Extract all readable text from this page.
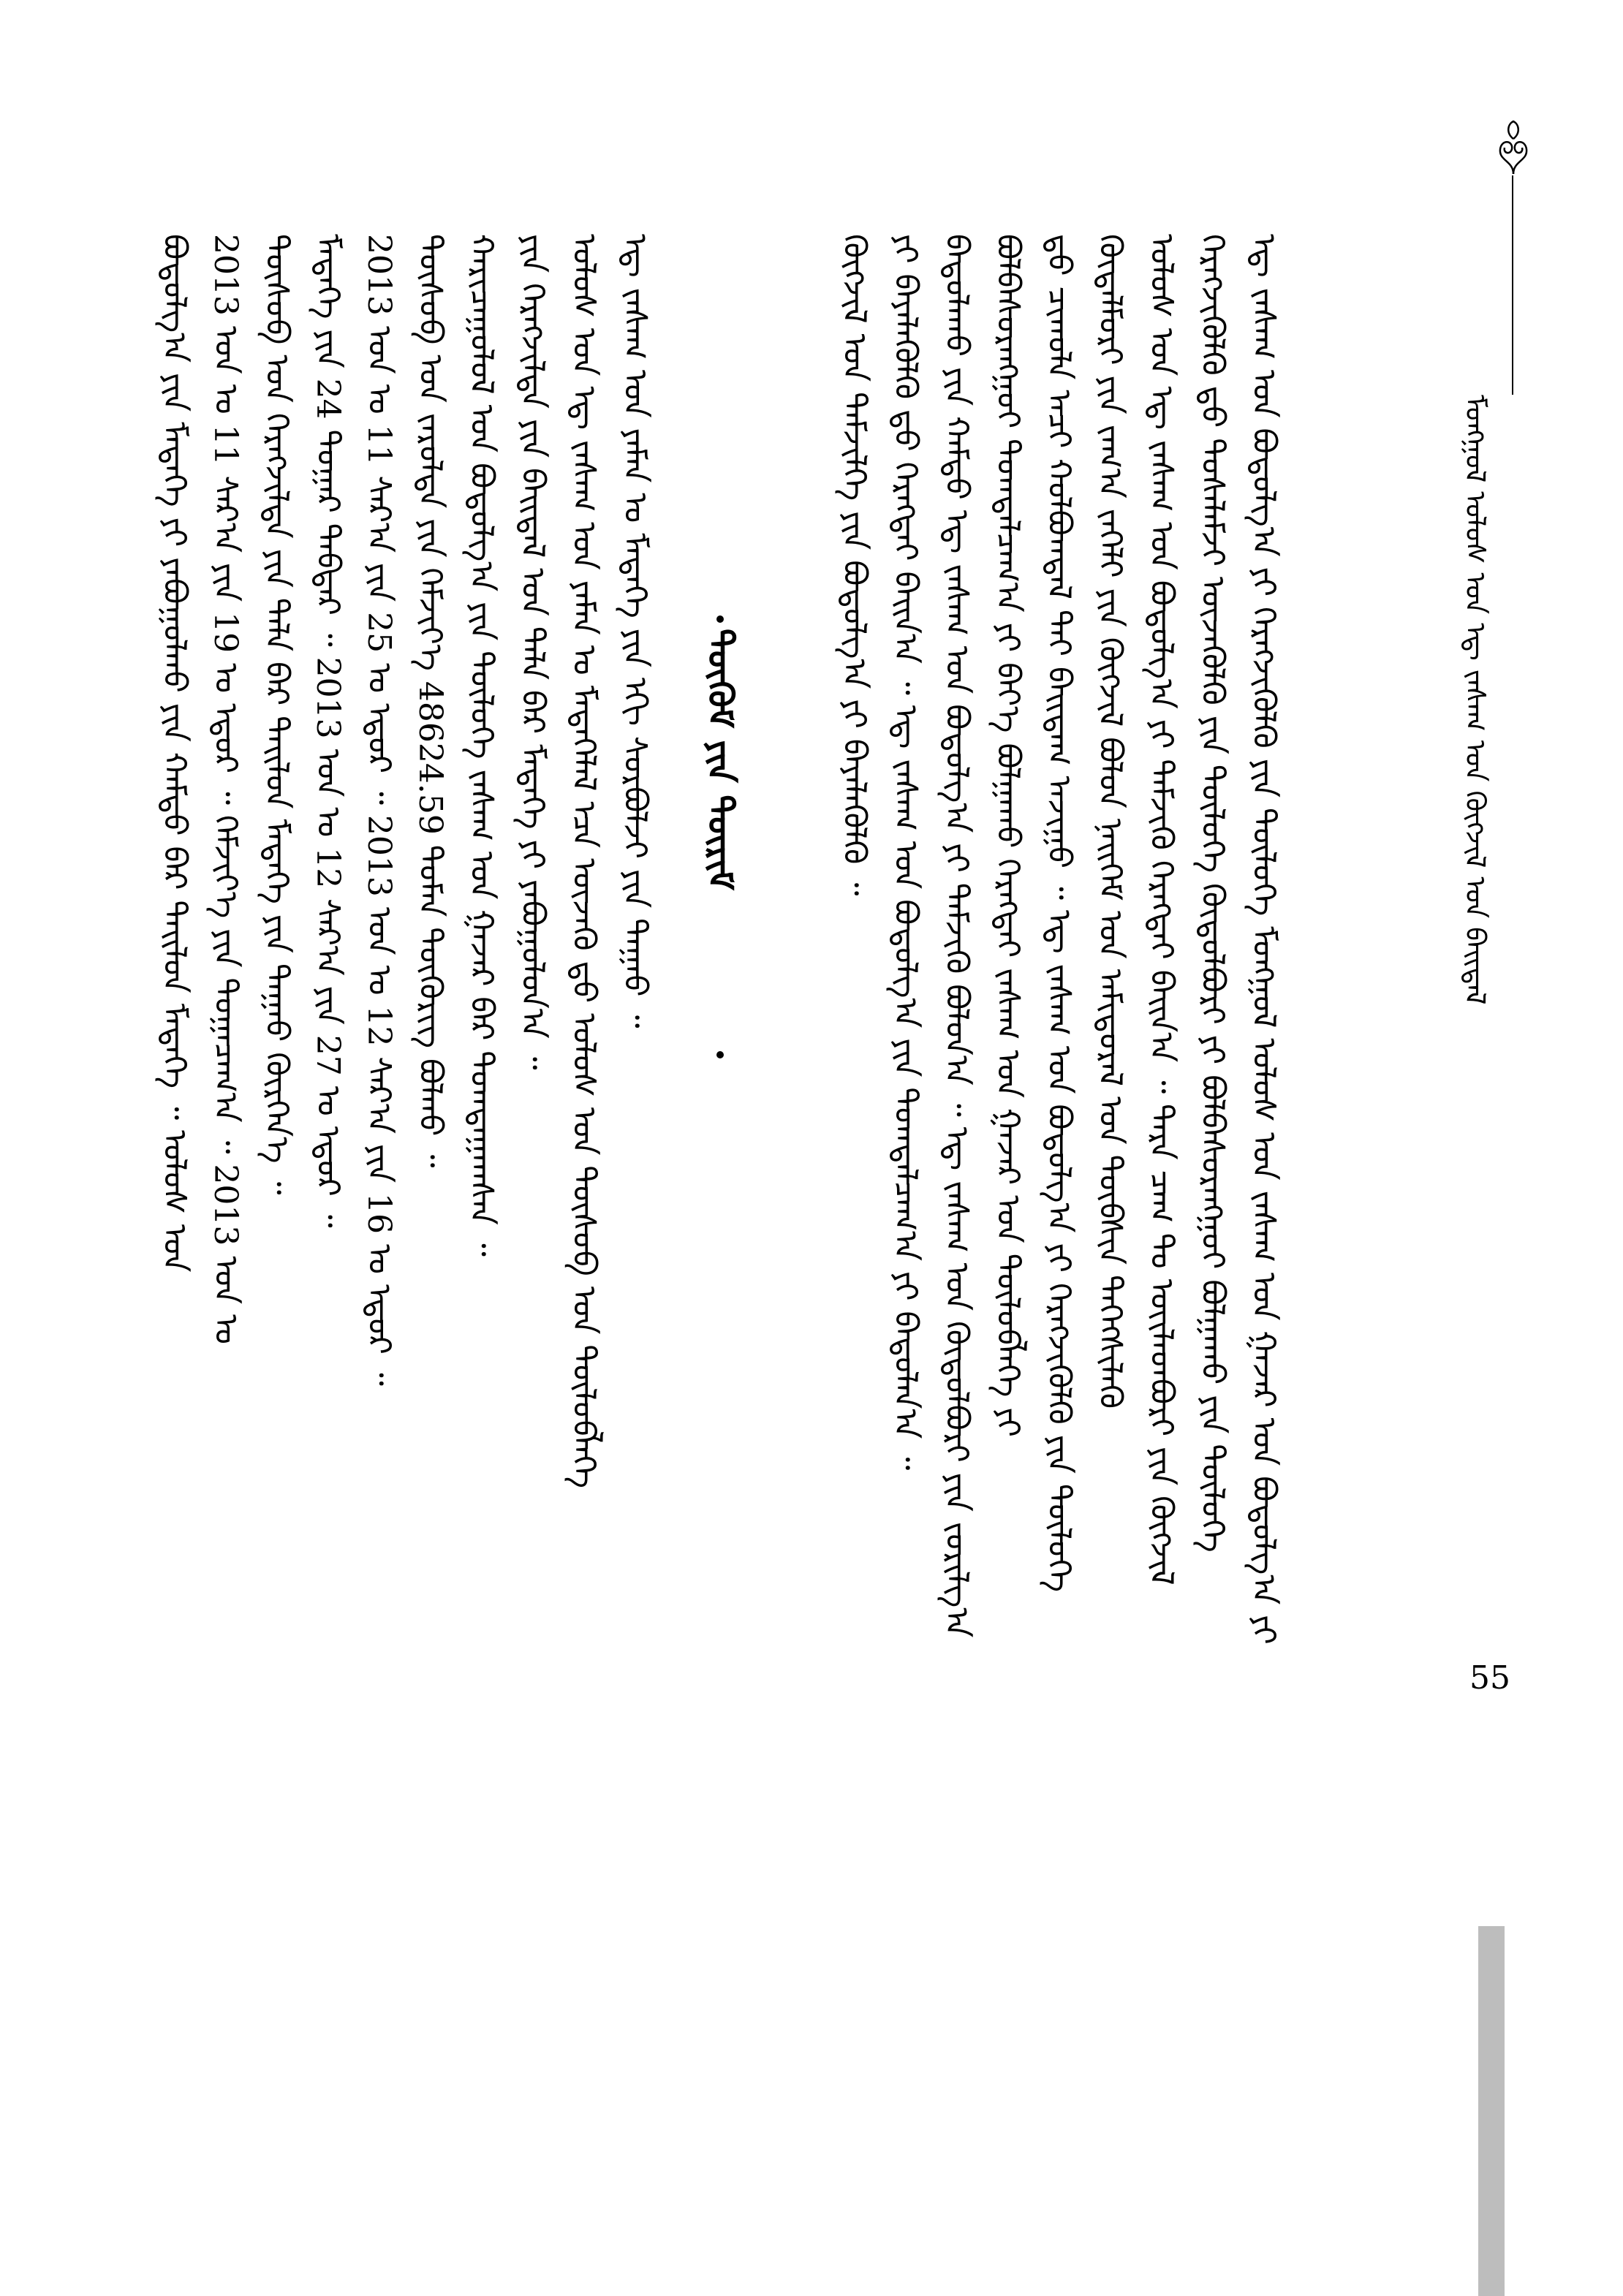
ᠮᠣᠩᠭᠣᠯ ᠤᠯᠤᠰ ᠤᠨ ᠡᠳ᠋ ᠵᠠᠰᠠᠭ ᠤᠨ ᠬᠥᠭᠵᠢᠯ ᠤᠨ ᠪᠠᠢᠳᠠᠯ
55
ᠡᠳ᠋ ᠵᠠᠰᠠᠭ ᠤᠨ ᠪᠣᠳᠣᠯᠭ᠎ᠠ ᠶᠢ ᠬᠡᠷᠡᠭᠵᠢᠭᠦᠯᠬᠦ ᠶᠢᠨ ᠲᠥᠯᠦᠭᠡ ᠮᠣᠩᠭᠣᠯ ᠤᠯᠤᠰ ᠤᠨ ᠵᠠᠰᠠᠭ ᠤᠨ ᠭᠠᠵᠠᠷ ᠤᠨ ᠪᠣᠳᠣᠯᠭ᠎ᠠ ᠶᠢ
ᠬᠡᠷᠡᠭᠵᠢᠭᠦᠯᠬᠦ ᠳ᠋ᠤ ᠲᠤᠰᠠᠯᠠᠮᠵᠢ ᠦᠵᠡᠭᠦᠯᠬᠦ ᠶᠢᠨ ᠲᠥᠯᠦᠭᠡ ᠬᠥᠲᠥᠯᠪᠦᠷᠢ ᠶᠢ ᠪᠣᠯᠪᠠᠰᠤᠷᠠᠩᠭᠤᠢ ᠪᠣᠯᠭᠠᠬᠤ ᠶᠢᠨ ᠲᠥᠯᠦᠭᠡ
ᠤᠯᠤᠰ ᠤᠨ ᠡᠳ᠋ ᠵᠠᠰᠠᠭ ᠤᠨ ᠪᠣᠳᠣᠯᠭ᠎ᠠ ᠶᠢ ᠳᠡᠮᠵᠢᠬᠦ ᠬᠡᠷᠡᠭᠲᠡᠢ ᠪᠠᠢᠨ᠎ᠠ ᠃ ᠲᠡᠷᠡ ᠴᠠᠭ ᠲᠤ ᠦᠢᠯᠡᠳᠪᠦᠷᠢ ᠶᠢᠨ ᠬᠥᠭᠵᠢᠯ
ᠬᠥᠳᠡᠯᠮᠦᠷᠢ ᠶᠢᠨ ᠵᠠᠬ᠎ᠠ ᠵᠡᠭᠡᠯᠢ ᠶᠢᠨ ᠬᠥᠭᠵᠢᠯ ᠪᠣᠯᠤᠨ ᠨᠡᠢᠭᠡᠮ ᠤᠨ ᠠᠮᠢᠳᠤᠷᠠᠯ ᠤᠨ ᠲᠥᠪᠰᠢᠨ ᠳᠡᠭᠡᠭᠰᠢᠯᠡᠬᠦ
ᠳ᠋ᠤ ᠴᠢᠬᠤᠯᠠ ᠠᠴᠢ ᠬᠣᠯᠪᠣᠭᠳᠠᠯ ᠲᠠᠢ ᠪᠠᠢᠳᠠᠭ ᠠᠵᠢᠭᠤ ᠃ ᠡᠳ᠋ ᠵᠠᠰᠠᠭ ᠤᠨ ᠪᠣᠳᠣᠯᠭ᠎ᠠ ᠶᠢ ᠬᠡᠷᠡᠭᠵᠢᠭᠦᠯᠬᠦ ᠶᠢᠨ ᠲᠥᠯᠦᠭᠡ
ᠪᠣᠯᠪᠠᠰᠤᠷᠠᠩᠭᠤᠢ ᠲᠣᠭᠲᠠᠯᠴᠠᠭ᠎ᠠ ᠶᠢ ᠪᠡᠶ᠎ᠡ ᠪᠣᠯᠭᠠᠬᠤ ᠬᠡᠷᠡᠭᠲᠡᠢ ᠵᠠᠰᠠᠭ ᠤᠨ ᠭᠠᠵᠠᠷ ᠤᠨ ᠲᠥᠯᠦᠪᠯᠡᠭᠡ ᠶᠢ
ᠪᠠᠲᠤᠯᠠᠬᠤ ᠶᠢᠨ ᠬᠠᠮᠲᠤ ᠡᠳ᠋ ᠵᠠᠰᠠᠭ ᠤᠨ ᠪᠣᠳᠣᠯᠭ᠎ᠠ ᠶᠢ ᠳᠡᠮᠵᠢᠬᠦ ᠪᠣᠯᠣᠨ᠎ᠠ ᠃ ᠡᠳ᠋ ᠵᠠᠰᠠᠭ ᠤᠨ ᠬᠥᠲᠥᠯᠪᠦᠷᠢ ᠶᠢᠨ ᠵᠣᠷᠢᠯᠭ᠎ᠠ
ᠶᠢ ᠪᠡᠶᠡᠯᠡᠭᠦᠯᠬᠦ ᠳ᠋ᠤ ᠬᠡᠷᠡᠭᠲᠡᠢ ᠪᠠᠢᠨ᠎ᠠ ᠃ ᠡᠳ᠋ ᠵᠠᠰᠠᠭ ᠤᠨ ᠪᠣᠳᠣᠯᠭ᠎ᠠ ᠶᠢᠨ ᠲᠣᠭᠲᠠᠯᠴᠠᠭ᠎ᠠ ᠶᠢ ᠪᠠᠲᠤᠯᠠᠨ᠎ᠠ ᠃
ᠬᠥᠭᠵᠢᠯ ᠤᠨ ᠳᠡᠮᠵᠢᠯᠭᠡ ᠶᠢᠨ ᠪᠣᠳᠣᠯᠭ᠎ᠠ ᠶᠢ ᠪᠡᠶᠡᠯᠡᠭᠦᠯᠬᠦ ᠃
ᠳᠦᠭᠦᠮ ᠶᠢᠨ ᠳᠦᠷᠢᠮ
ᠡᠳ᠋ ᠵᠠᠰᠠᠭ ᠤᠨ ᠶᠠᠮᠠᠨ ᠤ ᠮᠡᠳᠡᠭᠡ ᠶᠢᠨ ᠡᠬᠢ ᠰᠤᠷᠪᠤᠯᠵᠢ ᠶᠢᠨ ᠳᠠᠭᠠᠤ ᠃
ᠤᠯᠤᠰ ᠤᠨ ᠡᠳ᠋ ᠵᠠᠰᠠᠭ ᠤᠨ ᠶᠠᠮᠠᠨ ᠤ ᠮᠡᠳᠡᠭᠡᠯᠡᠯ ᠡᠴᠡ ᠦᠵᠡᠬᠦ ᠳ᠋ᠤ ᠤᠯᠤᠰ ᠤᠨ ᠲᠥᠰᠥᠪ ᠤᠨ ᠲᠥᠯᠦᠪᠯᠡᠭᠡ
ᠶᠢᠨ ᠬᠡᠷᠡᠭᠵᠢᠯᠲᠡ ᠶᠢᠨ ᠪᠠᠢᠳᠠᠯ ᠤᠨ ᠲᠠᠯᠠ ᠪᠠᠷ ᠮᠡᠳᠡᠭᠡ ᠶᠢ ᠶᠠᠪᠤᠭᠤᠯᠤᠨ᠎ᠠ ᠃
ᠬᠠᠷᠢᠴᠠᠭᠤᠯᠤᠯ ᠤᠨ ᠪᠣᠳᠣᠯᠭ᠎ᠠ ᠶᠢᠨ ᠲᠥᠯᠦᠭᠡ ᠵᠠᠰᠠᠭ ᠤᠨ ᠭᠠᠵᠠᠷ ᠪᠠᠷ ᠲᠣᠭᠲᠠᠭᠠᠭᠰᠠᠨ ᠃
ᠲᠥᠰᠥᠪ ᠤᠨ ᠵᠠᠷᠤᠯᠲᠠ ᠶᠢᠨ ᠬᠡᠮᠵᠢᠶ᠎ᠡ 48624.59 ᠲᠤᠮᠡᠨ ᠲᠥᠭᠦᠷᠢᠭ ᠪᠣᠯᠬᠤ ᠃
2013 ᠣᠨ ᠤ 11 ᠰᠠᠷ᠎ᠠ ᠶᠢᠨ 25 ᠤ ᠡᠳᠦᠷ ᠃ 2013 ᠣᠨ ᠤ 12 ᠰᠠᠷ᠎ᠠ ᠶᠢᠨ 16 ᠤ ᠡᠳᠦᠷ ᠃
ᠮᠡᠳᠡᠭᠡ ᠶᠢᠨ 24 ᠳᠤᠭᠠᠷ ᠳᠡᠪᠲᠡᠷ ᠃ 2013 ᠣᠨ ᠤ 12 ᠰᠠᠷ᠎ᠠ ᠶᠢᠨ 27 ᠤ ᠡᠳᠦᠷ ᠃
ᠲᠥᠰᠥᠪ ᠤᠨ ᠬᠡᠷᠡᠭᠵᠢᠯᠲᠡ ᠶᠢᠨ ᠲᠠᠯᠠ ᠪᠠᠷ ᠲᠠᠢᠯᠤᠨ ᠮᠡᠳᠡᠭᠡ ᠶᠢᠨ ᠳᠠᠭᠠᠤ ᠬᠦᠷᠭᠡᠨ᠎ᠡ ᠃
2013 ᠣᠨ ᠤ 11 ᠰᠠᠷ᠎ᠠ ᠶᠢᠨ 19 ᠤ ᠡᠳᠦᠷ ᠃ ᠬᠡᠮᠵᠢᠶ᠎ᠡ ᠶᠢᠨ ᠲᠣᠭᠠᠴᠠᠭ᠎ᠠ ᠃ 2013 ᠣᠨ ᠤ
ᠪᠣᠳᠣᠯᠭ᠎ᠠ ᠶᠢᠨ ᠮᠡᠳᠡᠭᠡ ᠶᠢ ᠶᠠᠪᠤᠭᠤᠯᠬᠤ ᠶᠢᠨ ᠬᠠᠮᠲᠤ ᠪᠠᠷ ᠲᠠᠢᠯᠤᠨ ᠮᠡᠳᠡᠭᠡ ᠃ ᠤᠯᠤᠰ ᠤᠨ
